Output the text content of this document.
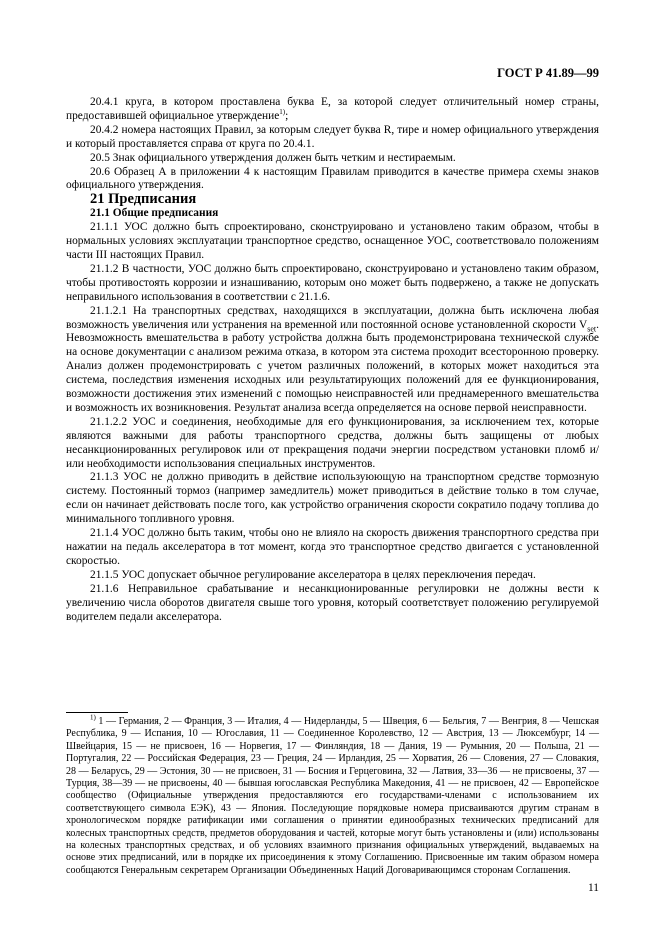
ГОСТ Р 41.89—99

20.4.1 круга, в котором проставлена буква Е, за которой следует отличительный номер страны, предоставившей официальное утверждение$^{1)}$;

20.4.2 номера настоящих Правил, за которым следует буква R, тире и номер официального утверждения и который проставляется справа от круга по 20.4.1.

20.5 Знак официального утверждения должен быть четким и нестираемым.

20.6 Образец А в приложении 4 к настоящим Правилам приводится в качестве примера схемы знаков официального утверждения.

21 Предписания

21.1 Общие предписания

21.1.1 УОС должно быть спроектировано, сконструировано и установлено таким образом, чтобы в нормальных условиях эксплуатации транспортное средство, оснащенное УОС, соответствовало положениям части III настоящих Правил.

21.1.2 В частности, УОС должно быть спроектировано, сконструировано и установлено таким образом, чтобы противостоять коррозии и изнашиванию, которым оно может быть подвержено, а также не допускать неправильного использования в соответствии с 21.1.6.

21.1.2.1 На транспортных средствах, находящихся в эксплуатации, должна быть исключена любая возможность увеличения или устранения на временной или постоянной основе установленной скорости $V_{set}$. Невозможность вмешательства в работу устройства должна быть продемонстрирована технической службе на основе документации с анализом режима отказа, в котором эта система проходит всесторонною проверку. Анализ должен продемонстрировать с учетом различных положений, в которых может находиться эта система, последствия изменения исходных или результатирующих положений для ее функционирования, возможности достижения этих изменений с помощью неисправностей или преднамеренного вмешательства и возможность их возникновения. Результат анализа всегда определяется на основе первой неисправности.

21.1.2.2 УОС и соединения, необходимые для его функционирования, за исключением тех, которые являются важными для работы транспортного средства, должны быть защищены от любых несанкционированных регулировок или от прекращения подачи энергии посредством установки пломб и/или необходимости использования специальных инструментов.

21.1.3 УОС не должно приводить в действие используюющую на транспортном средстве тормозную систему. Постоянный тормоз (например замедлитель) может приводиться в действие только в том случае, если он начинает действовать после того, как устройство ограничения скорости сократило подачу топлива до минимального топливного уровня.

21.1.4 УОС должно быть таким, чтобы оно не влияло на скорость движения транспортного средства при нажатии на педаль акселератора в тот момент, когда это транспортное средство двигается с установленной скоростью.

21.1.5 УОС допускает обычное регулирование акселератора в целях переключения передач.

21.1.6 Неправильное срабатывание и несанкционированные регулировки не должны вести к увеличению числа оборотов двигателя свыше того уровня, который соответствует положению регулируемой водителем педали акселератора.

$^{1)}$ 1 — Германия, 2 — Франция, 3 — Италия, 4 — Нидерланды, 5 — Швеция, 6 — Бельгия, 7 — Венгрия, 8 — Чешская Республика, 9 — Испания, 10 — Югославия, 11 — Соединенное Королевство, 12 — Австрия, 13 — Люксембург, 14 — Швейцария, 15 — не присвоен, 16 — Норвегия, 17 — Финляндия, 18 — Дания, 19 — Румыния, 20 — Польша, 21 — Португалия, 22 — Российская Федерация, 23 — Греция, 24 — Ирландия, 25 — Хорватия, 26 — Словения, 27 — Словакия, 28 — Беларусь, 29 — Эстония, 30 — не присвоен, 31 — Босния и Герцеговина, 32 — Латвия, 33—36 — не присвоены, 37 — Турция, 38—39 — не присвоены, 40 — бывшая югославская Республика Македония, 41 — не присвоен, 42 — Европейское сообщество (Официальные утверждения предоставляются его государствами-членами с использованием их соответствующего символа ЕЭК), 43 — Япония. Последующие порядковые номера присваиваются другим странам в хронологическом порядке ратификации ими соглашения о принятии единообразных технических предписаний для колесных транспортных средств, предметов оборудования и частей, которые могут быть установлены и (или) использованы на колесных транспортных средствах, и об условиях взаимного признания официальных утверждений, выдаваемых на основе этих предписаний, или в порядке их присоединения к этому Соглашению. Присвоенные им таким образом номера сообщаются Генеральным секретарем Организации Объединенных Наций Договаривающимся сторонам Соглашения.

11
